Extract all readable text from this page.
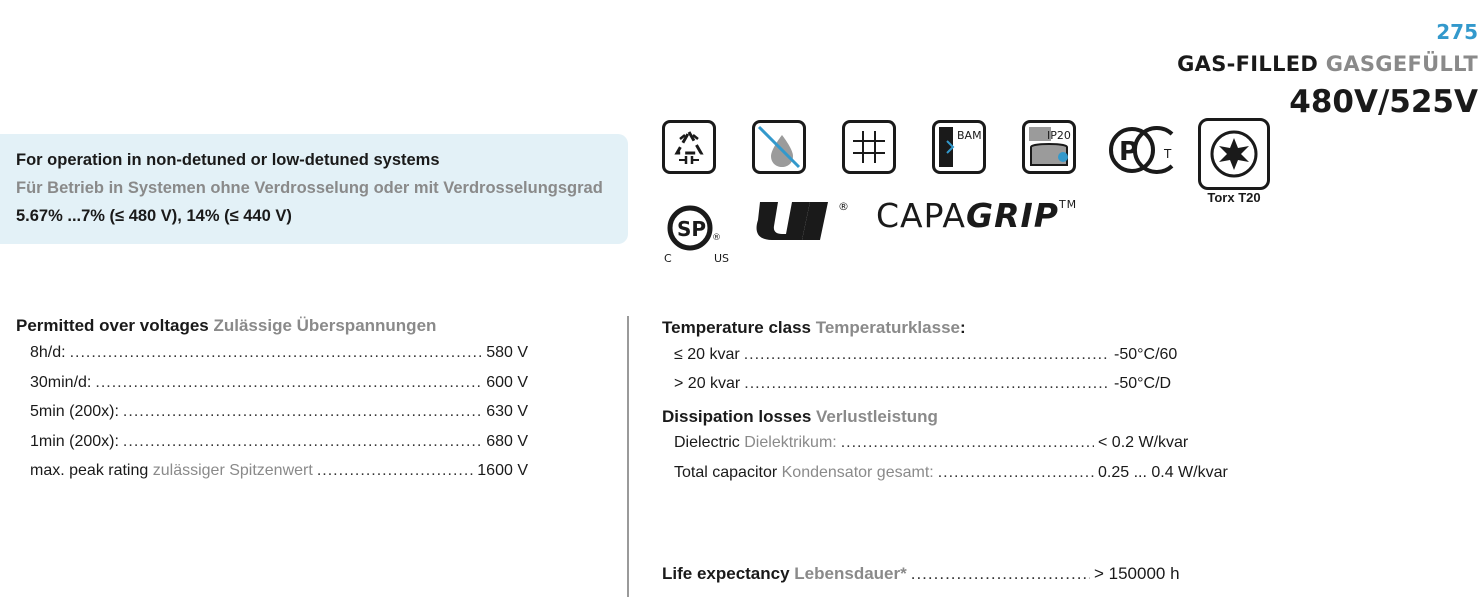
275
GAS-FILLED GASGEFÜLLT
480V/525V
For operation in non-detuned or low-detuned systems
Für Betrieb in Systemen ohne Verdrosselung oder mit Verdrosselungsgrad
5.67% ...7% (≤ 480 V), 14% (≤ 440 V)
BAM	IP20
P T
Torx T20
SP ®
C	US
® CAPAGRIP™
Permitted over voltages Zulässige Überspannungen
8h/d: .....	580 V
30min/d: .....	600 V
5min (200x): .....	630 V
1min (200x): .....	680 V
max. peak rating zulässiger Spitzenwert .....	1600 V
Temperature class Temperaturklasse:
≤ 20 kvar .....	-50°C/60
> 20 kvar .....	-50°C/D
Dissipation losses Verlustleistung
Dielectric Dielektrikum: .....	< 0.2 W/kvar
Total capacitor Kondensator gesamt: .....	0.25 ... 0.4 W/kvar
Life expectancy Lebensdauer* .....	> 150000 h
